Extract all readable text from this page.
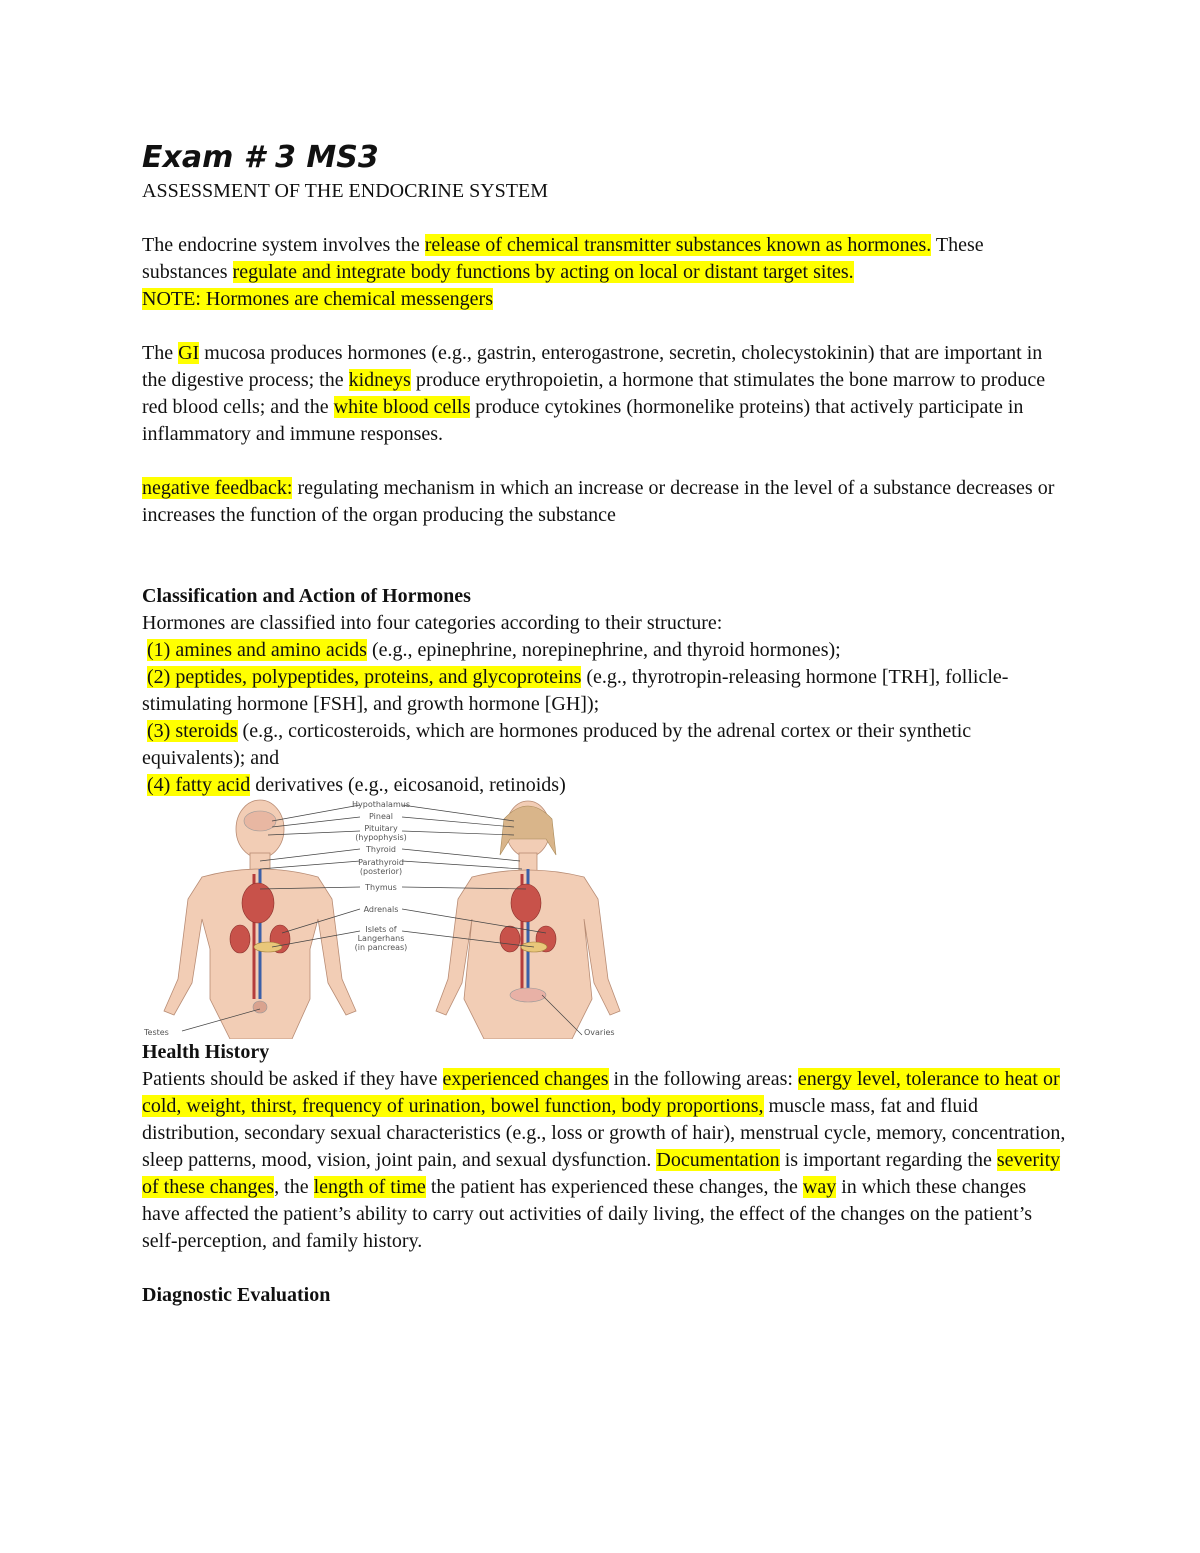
Exam # 3 MS3

ASSESSMENT OF THE ENDOCRINE SYSTEM

The endocrine system involves the release of chemical transmitter substances known as hormones. These substances regulate and integrate body functions by acting on local or distant target sites.

NOTE: Hormones are chemical messengers

The GI mucosa produces hormones (e.g., gastrin, enterogastrone, secretin, cholecystokinin) that are important in the digestive process; the kidneys produce erythropoietin, a hormone that stimulates the bone marrow to produce red blood cells; and the white blood cells produce cytokines (hormonelike proteins) that actively participate in inflammatory and immune responses.

negative feedback: regulating mechanism in which an increase or decrease in the level of a substance decreases or increases the function of the organ producing the substance

Classification and Action of Hormones

Hormones are classified into four categories according to their structure:

(1) amines and amino acids (e.g., epinephrine, norepinephrine, and thyroid hormones);

(2) peptides, polypeptides, proteins, and glycoproteins (e.g., thyrotropin-releasing hormone [TRH], follicle-stimulating hormone [FSH], and growth hormone [GH]);

(3) steroids (e.g., corticosteroids, which are hormones produced by the adrenal cortex or their synthetic equivalents); and

(4) fatty acid derivatives (e.g., eicosanoid, retinoids)

Hypothalamus
Pineal
Pituitary
(hypophysis)
Thyroid
Parathyroid
(posterior)
Thymus
Adrenals
Islets of
Langerhans
(in pancreas)
Testes	Ovaries
Health History

Patients should be asked if they have experienced changes in the following areas: energy level, tolerance to heat or cold, weight, thirst, frequency of urination, bowel function, body proportions, muscle mass, fat and fluid distribution, secondary sexual characteristics (e.g., loss or growth of hair), menstrual cycle, memory, concentration, sleep patterns, mood, vision, joint pain, and sexual dysfunction. Documentation is important regarding the severity of these changes, the length of time the patient has experienced these changes, the way in which these changes have affected the patient’s ability to carry out activities of daily living, the effect of the changes on the patient’s self-perception, and family history.

Diagnostic Evaluation
